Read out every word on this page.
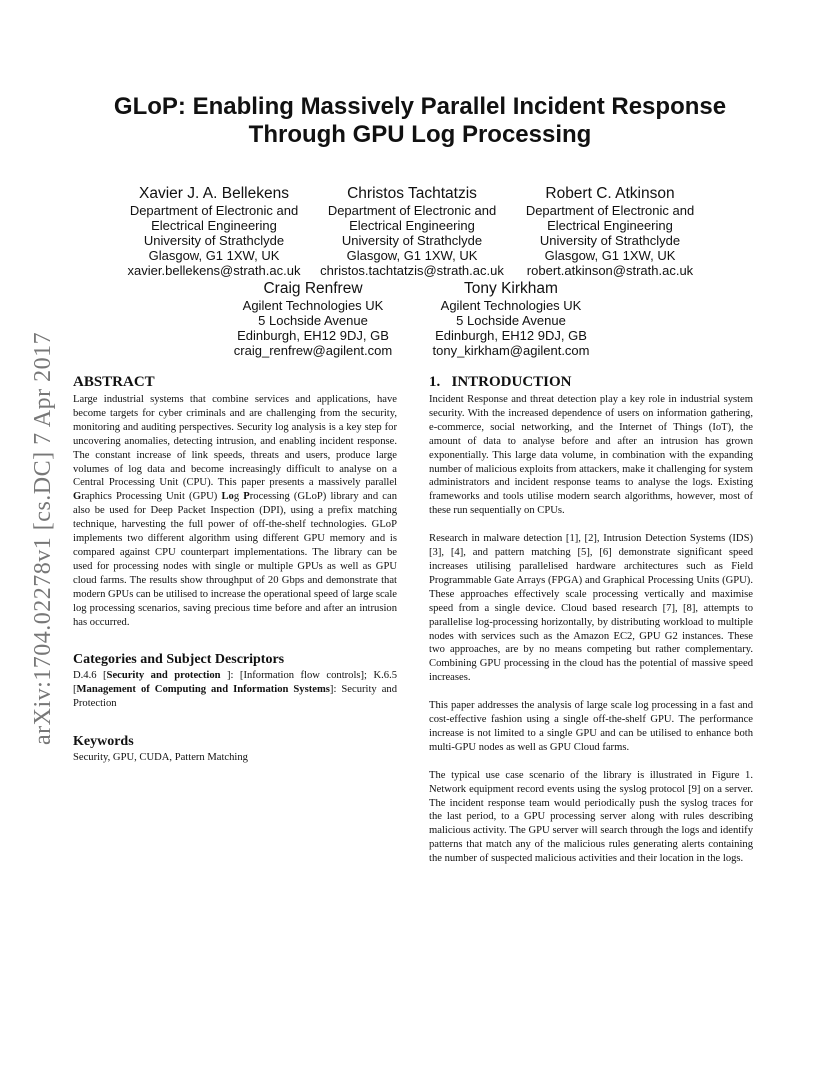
arXiv:1704.02278v1 [cs.DC] 7 Apr 2017
GLoP: Enabling Massively Parallel Incident Response
Through GPU Log Processing
Xavier J. A. Bellekens
Department of Electronic and
Electrical Engineering
University of Strathclyde
Glasgow, G1 1XW, UK
xavier.bellekens@strath.ac.uk
Christos Tachtatzis
Department of Electronic and
Electrical Engineering
University of Strathclyde
Glasgow, G1 1XW, UK
christos.tachtatzis@strath.ac.uk
Robert C. Atkinson
Department of Electronic and
Electrical Engineering
University of Strathclyde
Glasgow, G1 1XW, UK
robert.atkinson@strath.ac.uk
Craig Renfrew
Agilent Technologies UK
5 Lochside Avenue
Edinburgh, EH12 9DJ, GB
craig_renfrew@agilent.com
Tony Kirkham
Agilent Technologies UK
5 Lochside Avenue
Edinburgh, EH12 9DJ, GB
tony_kirkham@agilent.com
ABSTRACT

Large industrial systems that combine services and applications, have become targets for cyber criminals and are challenging from the security, monitoring and auditing perspectives. Security log analysis is a key step for uncovering anomalies, detecting intrusion, and enabling incident response. The constant increase of link speeds, threats and users, produce large volumes of log data and become increasingly difficult to analyse on a Central Processing Unit (CPU). This paper presents a massively parallel Graphics Processing Unit (GPU) Log Processing (GLoP) library and can also be used for Deep Packet Inspection (DPI), using a prefix matching technique, harvesting the full power of off-the-shelf technologies. GLoP implements two different algorithm using different GPU memory and is compared against CPU counterpart implementations. The library can be used for processing nodes with single or multiple GPUs as well as GPU cloud farms. The results show throughput of 20 Gbps and demonstrate that modern GPUs can be utilised to increase the operational speed of large scale log processing scenarios, saving precious time before and after an intrusion has occurred.

Categories and Subject Descriptors

D.4.6 [Security and protection ]: [Information flow controls]; K.6.5 [Management of Computing and Information Systems]: Security and Protection

Keywords

Security, GPU, CUDA, Pattern Matching

1.   INTRODUCTION

Incident Response and threat detection play a key role in industrial system security. With the increased dependence of users on information gathering, e-commerce, social networking, and the Internet of Things (IoT), the amount of data to analyse before and after an intrusion has grown exponentially. This large data volume, in combination with the expanding number of malicious exploits from attackers, make it challenging for system administrators and incident response teams to analyse the logs. Existing frameworks and tools utilise modern search algorithms, however, most of these run sequentially on CPUs.

Research in malware detection [1], [2], Intrusion Detection Systems (IDS) [3], [4], and pattern matching [5], [6] demonstrate significant speed increases utilising parallelised hardware architectures such as Field Programmable Gate Arrays (FPGA) and Graphical Processing Units (GPU). These approaches effectively scale processing vertically and maximise speed from a single device. Cloud based research [7], [8], attempts to parallelise log-processing horizontally, by distributing workload to multiple nodes with services such as the Amazon EC2, GPU G2 instances. These two approaches, are by no means competing but rather complementary. Combining GPU processing in the cloud has the potential of massive speed increases.

This paper addresses the analysis of large scale log processing in a fast and cost-effective fashion using a single off-the-shelf GPU. The performance increase is not limited to a single GPU and can be utilised to enhance both multi-GPU nodes as well as GPU Cloud farms.

The typical use case scenario of the library is illustrated in Figure 1. Network equipment record events using the syslog protocol [9] on a server. The incident response team would periodically push the syslog traces for the last period, to a GPU processing server along with rules describing malicious activity. The GPU server will search through the logs and identify patterns that match any of the malicious rules generating alerts containing the number of suspected malicious activities and their location in the logs.
